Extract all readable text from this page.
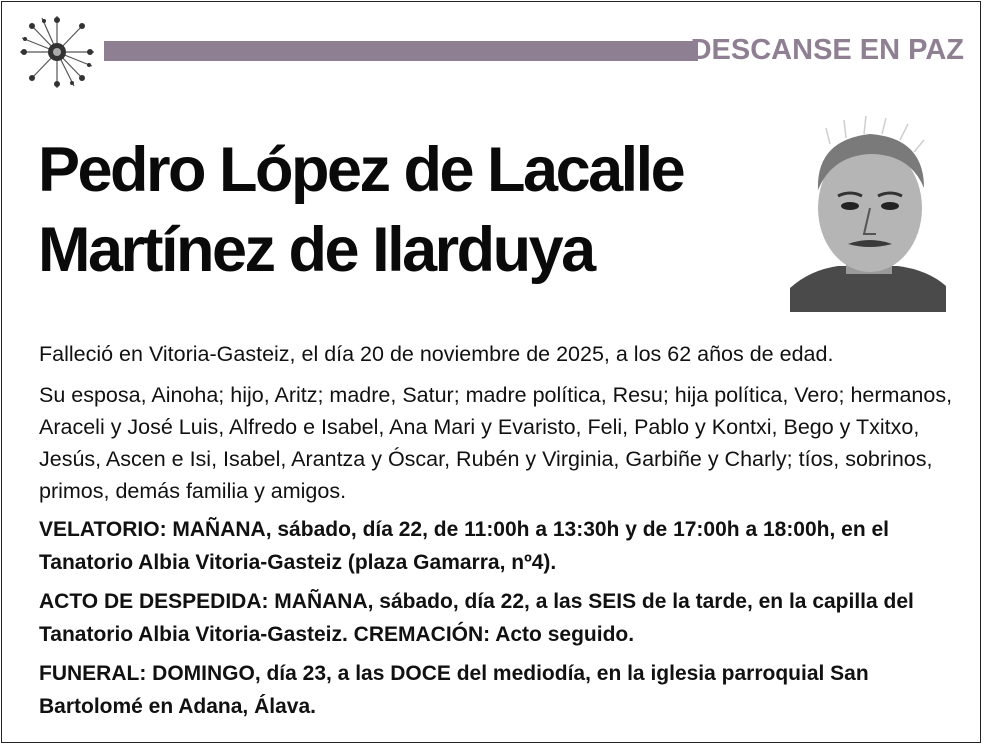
DESCANSE EN PAZ
Pedro López de Lacalle
Martínez de Ilarduya

Falleció en Vitoria-Gasteiz, el día 20 de noviembre de 2025, a los 62 años de edad.

Su esposa, Ainoha; hijo, Aritz; madre, Satur; madre política, Resu; hija política, Vero; hermanos, Araceli y José Luis, Alfredo e Isabel, Ana Mari y Evaristo, Feli, Pablo y Kontxi, Bego y Txitxo, Jesús, Ascen e Isi, Isabel, Arantza y Óscar, Rubén y Virginia, Garbiñe y Charly; tíos, sobrinos, primos, demás familia y amigos.

VELATORIO: MAÑANA, sábado, día 22, de 11:00h a 13:30h y de 17:00h a 18:00h, en el Tanatorio Albia Vitoria-Gasteiz (plaza Gamarra, nº4).

ACTO DE DESPEDIDA: MAÑANA, sábado, día 22, a las SEIS de la tarde, en la capilla del Tanatorio Albia Vitoria-Gasteiz. CREMACIÓN: Acto seguido.

FUNERAL: DOMINGO, día 23, a las DOCE del mediodía, en la iglesia parroquial San Bartolomé en Adana, Álava.
